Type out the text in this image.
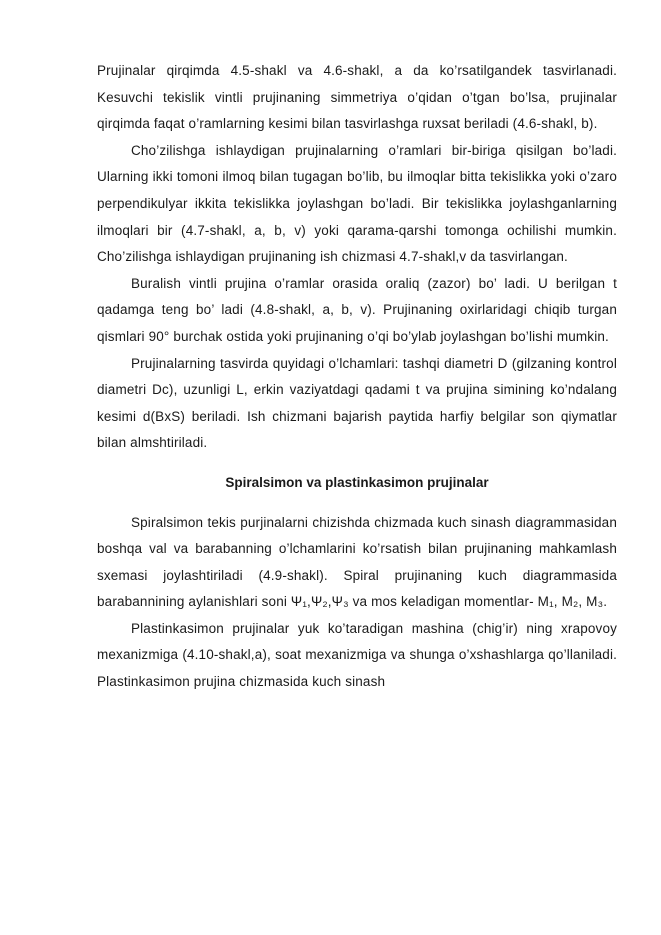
Prujinalar qirqimda 4.5-shakl va 4.6-shakl, a da ko’rsatilgandek tasvirlanadi. Kesuvchi tekislik vintli prujinaning simmetriya o’qidan o’tgan bo’lsa, prujinalar qirqimda faqat o’ramlarning kesimi bilan tasvirlashga ruxsat beriladi (4.6-shakl, b).

Cho’zilishga ishlaydigan prujinalarning o’ramlari bir-biriga qisilgan bo’ladi. Ularning ikki tomoni ilmoq bilan tugagan bo’lib, bu ilmoqlar bitta tekislikka yoki o’zaro perpendikulyar ikkita tekislikka joylashgan bo’ladi. Bir tekislikka joylashganlarning ilmoqlari bir (4.7-shakl, a, b, v) yoki qarama-qarshi tomonga ochilishi mumkin. Cho’zilishga ishlaydigan prujinaning ish chizmasi 4.7-shakl,v da tasvirlangan.

Buralish vintli prujina o’ramlar orasida oraliq (zazor) bo’ ladi. U berilgan t qadamga teng bo’ ladi (4.8-shakl, a, b, v). Prujinaning oxirlaridagi chiqib turgan qismlari 90° burchak ostida yoki prujinaning o’qi bo’ylab joylashgan bo’lishi mumkin.

Prujinalarning tasvirda quyidagi o’lchamlari: tashqi diametri D (gilzaning kontrol diametri Dc), uzunligi L, erkin vaziyatdagi qadami t va prujina simining ko’ndalang kesimi d(BxS) beriladi. Ish chizmani bajarish paytida harfiy belgilar son qiymatlar bilan almshtiriladi.

Spiralsimon va plastinkasimon prujinalar

Spiralsimon tekis purjinalarni chizishda chizmada kuch sinash diagrammasidan boshqa val va barabanning o’lchamlarini ko’rsatish bilan prujinaning mahkamlash sxemasi joylashtiriladi (4.9-shakl). Spiral prujinaning kuch diagrammasida barabannining aylanishlari soni Ψ₁,Ψ₂,Ψ₃ va mos keladigan momentlar- M₁, M₂, M₃.

Plastinkasimon prujinalar yuk ko’taradigan mashina (chig’ir) ning xrapovoy mexanizmiga (4.10-shakl,a), soat mexanizmiga va shunga o’xshashlarga qo’llaniladi. Plastinkasimon prujina chizmasida kuch sinash
